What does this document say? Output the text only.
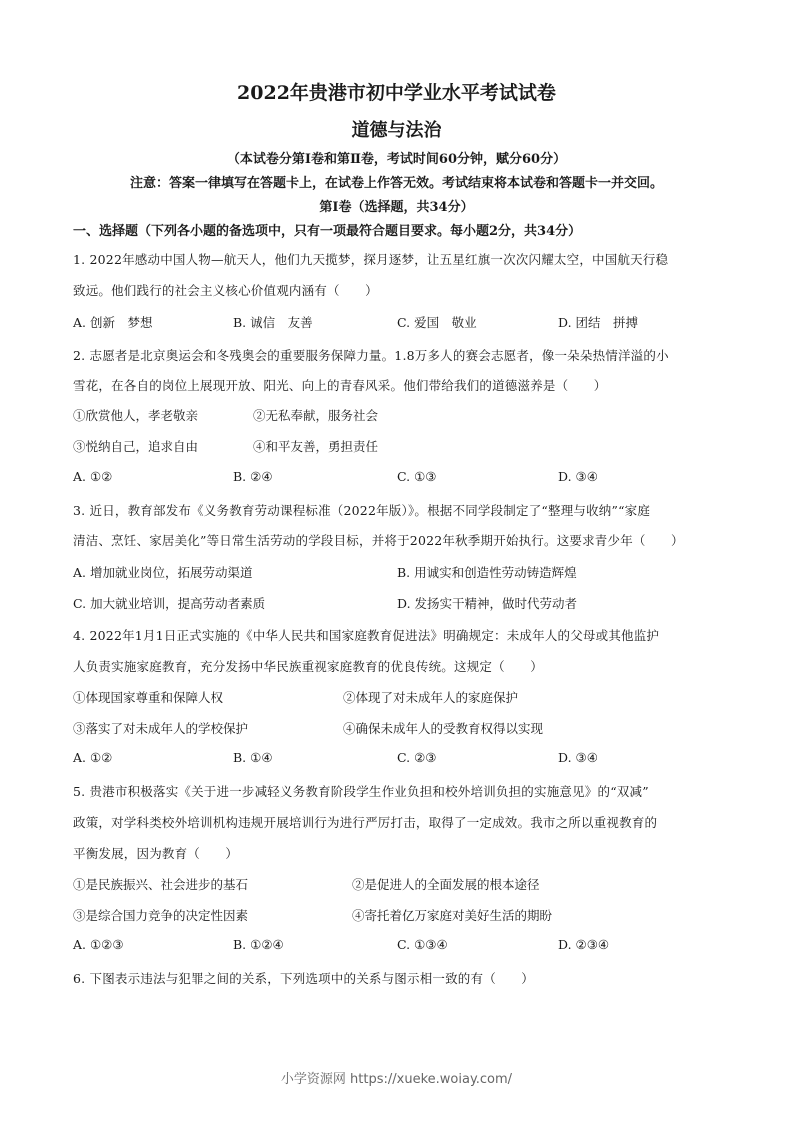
2022年贵港市初中学业水平考试试卷
道德与法治
（本试卷分第Ⅰ卷和第Ⅱ卷，考试时间60分钟，赋分60分）
注意：答案一律填写在答题卡上，在试卷上作答无效。考试结束将本试卷和答题卡一并交回。
第Ⅰ卷（选择题，共34分）
一、选择题（下列各小题的备选项中，只有一项最符合题目要求。每小题2分，共34分）
1. 2022年感动中国人物—航天人，他们九天揽梦，探月逐梦，让五星红旗一次次闪耀太空，中国航天行稳
致远。他们践行的社会主义核心价值观内涵有（　　）
A. 创新　梦想	B. 诚信　友善	C. 爱国　敬业	D. 团结　拼搏
2. 志愿者是北京奥运会和冬残奥会的重要服务保障力量。1.8万多人的赛会志愿者，像一朵朵热情洋溢的小
雪花，在各自的岗位上展现开放、阳光、向上的青春风采。他们带给我们的道德滋养是（　　）
①欣赏他人，孝老敬亲	②无私奉献，服务社会
③悦纳自己，追求自由	④和平友善，勇担责任
A. ①②	B. ②④	C. ①③	D. ③④
3. 近日，教育部发布《义务教育劳动课程标准（2022年版）》。根据不同学段制定了“整理与收纳”“家庭
清洁、烹饪、家居美化”等日常生活劳动的学段目标，并将于2022年秋季期开始执行。这要求青少年（　　）
A. 增加就业岗位，拓展劳动渠道	B. 用诚实和创造性劳动铸造辉煌
C. 加大就业培训，提高劳动者素质	D. 发扬实干精神，做时代劳动者
4. 2022年1月1日正式实施的《中华人民共和国家庭教育促进法》明确规定：未成年人的父母或其他监护
人负责实施家庭教育，充分发扬中华民族重视家庭教育的优良传统。这规定（　　）
①体现国家尊重和保障人权	②体现了对未成年人的家庭保护
③落实了对未成年人的学校保护	④确保未成年人的受教育权得以实现
A. ①②	B. ①④	C. ②③	D. ③④
5. 贵港市积极落实《关于进一步减轻义务教育阶段学生作业负担和校外培训负担的实施意见》的“双减”
政策，对学科类校外培训机构违规开展培训行为进行严厉打击，取得了一定成效。我市之所以重视教育的
平衡发展，因为教育（　　）
①是民族振兴、社会进步的基石	②是促进人的全面发展的根本途径
③是综合国力竞争的决定性因素	④寄托着亿万家庭对美好生活的期盼
A. ①②③	B. ①②④	C. ①③④	D. ②③④
6. 下图表示违法与犯罪之间的关系，下列选项中的关系与图示相一致的有（　　）
小学资源网 https://xueke.woiay.com/
